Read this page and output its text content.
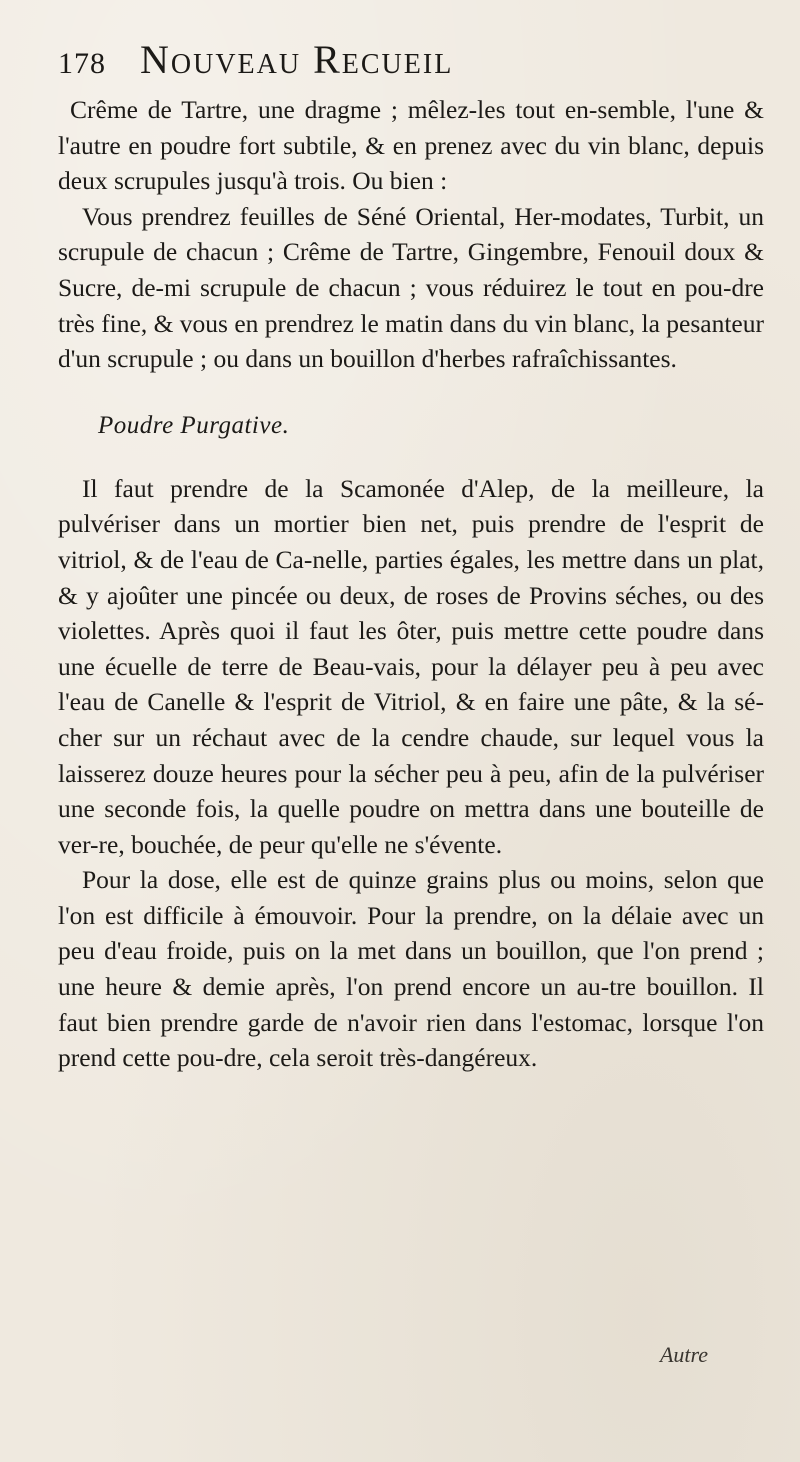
178 Nouveau Recueil

Crême de Tartre, une dragme ; mêlez-les tout en-semble, l'une & l'autre en poudre fort subtile, & en prenez avec du vin blanc, depuis deux scrupules jusqu'à trois. Ou bien :

Vous prendrez feuilles de Séné Oriental, Her-modates, Turbit, un scrupule de chacun ; Crême de Tartre, Gingembre, Fenouil doux & Sucre, de-mi scrupule de chacun ; vous réduirez le tout en pou-dre très fine, & vous en prendrez le matin dans du vin blanc, la pesanteur d'un scrupule ; ou dans un bouillon d'herbes rafraîchissantes.

Poudre Purgative.

Il faut prendre de la Scamonée d'Alep, de la meilleure, la pulvériser dans un mortier bien net, puis prendre de l'esprit de vitriol, & de l'eau de Ca-nelle, parties égales, les mettre dans un plat, & y ajoûter une pincée ou deux, de roses de Provins séches, ou des violettes. Après quoi il faut les ôter, puis mettre cette poudre dans une écuelle de terre de Beau-vais, pour la délayer peu à peu avec l'eau de Canelle & l'esprit de Vitriol, & en faire une pâte, & la sé-cher sur un réchaut avec de la cendre chaude, sur lequel vous la laisserez douze heures pour la sécher peu à peu, afin de la pulvériser une seconde fois, la quelle poudre on mettra dans une bouteille de ver-re, bouchée, de peur qu'elle ne s'évente.

Pour la dose, elle est de quinze grains plus ou moins, selon que l'on est difficile à émouvoir. Pour la prendre, on la délaie avec un peu d'eau froide, puis on la met dans un bouillon, que l'on prend ; une heure & demie après, l'on prend encore un au-tre bouillon. Il faut bien prendre garde de n'avoir rien dans l'estomac, lorsque l'on prend cette pou-dre, cela seroit très-dangéreux.

Autre
